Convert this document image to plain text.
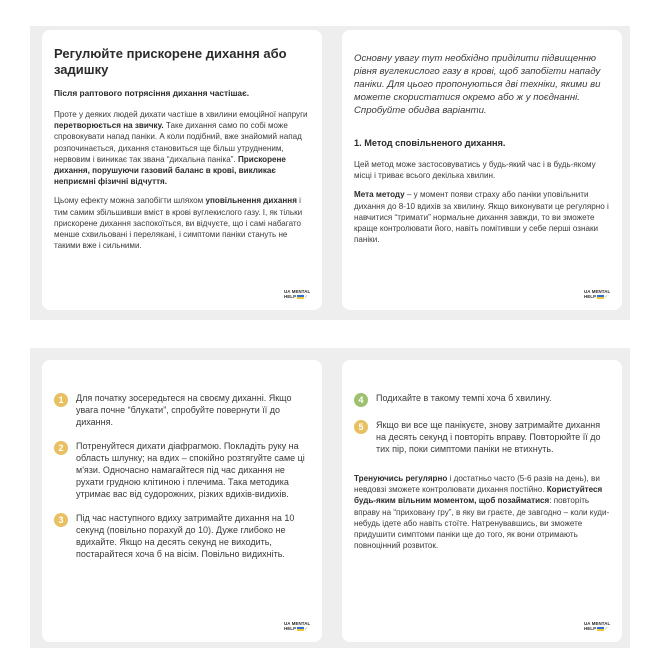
Регулюйте прискорене дихання або задишку
Після раптового потрясіння дихання частішає.

Проте у деяких людей дихати частіше в хвилини емоційної напруги перетворюється на звичку. Таке дихання само по собі може спровокувати напад паніки. А коли подібний, вже знайомий напад розпочинається, дихання становиться ще більш утрудненим, нервовим і виникає так звана “дихальна паніка”. Прискорене дихання, порушуючи газовий баланс в крові, викликає неприємні фізичні відчуття.

Цьому ефекту можна запобігти шляхом уповільнення дихання і тим самим збільшивши вміст в крові вуглекислого газу. І, як тільки прискорене дихання заспокоїться, ви відчуєте, що і самі набагато менше схвильовані і перелякані, і симптоми паніки стануть не такими вже і сильними.

UA MENTAL
HELP ✓

Основну увагу тут необхідно приділити підвищенню рівня вуглекислого газу в крові, щоб запобігти нападу паніки. Для цього пропонуються дві техніки, якими ви можете скористатися окремо або ж у поєднанні. Спробуйте обидва варіанти.

1. Метод сповільненого дихання.

Цей метод може застосовуватись у будь-який час і в будь-якому місці і триває всього декілька хвилин.

Мета методу – у момент появи страху або паніки уповільнити дихання до 8-10 вдихів за хвилину. Якщо виконувати це регулярно і навчитися “тримати” нормальне дихання завжди, то ви зможете краще контролювати його, навіть помітивши у себе перші ознаки паніки.

UA MENTAL
HELP ✓
1	Для початку зосередьтеся на своєму диханні. Якщо увага почне “блукати”, спробуйте повернути її до дихання.
2	Потренуйтеся дихати діафрагмою. Покладіть руку на область шлунку; на вдих – спокійно розтягуйте саме ці м'язи. Одночасно намагайтеся під час дихання не рухати грудною клітиною і плечима. Така методика утримає вас від судорожних, різких вдихів-видихів.
3	Під час наступного вдиху затримайте дихання на 10 секунд (повільно порахуй до 10). Дуже глибоко не вдихайте. Якщо на десять секунд не виходить, постарайтеся хоча б на вісім. Повільно видихніть.
UA MENTAL
HELP ✓
4	Подихайте в такому темпі хоча б хвилину.
5	Якщо ви все ще панікуєте, знову затримайте дихання на десять секунд і повторіть вправу. Повторюйте її до тих пір, поки симптоми паніки не втихнуть.

Тренуючись регулярно і достатньо часто (5-6 разів на день), ви невдовзі зможете контролювати дихання постійно. Користуйтеся будь-яким вільним моментом, щоб позайматися: повторіть вправу на “приховану гру”, в яку ви граєте, де завгодно – коли куди-небудь ідете або навіть стоїте. Натренувавшись, ви зможете придушити симптоми паніки ще до того, як вони отримають повноцінний розвиток.

UA MENTAL
HELP ✓
